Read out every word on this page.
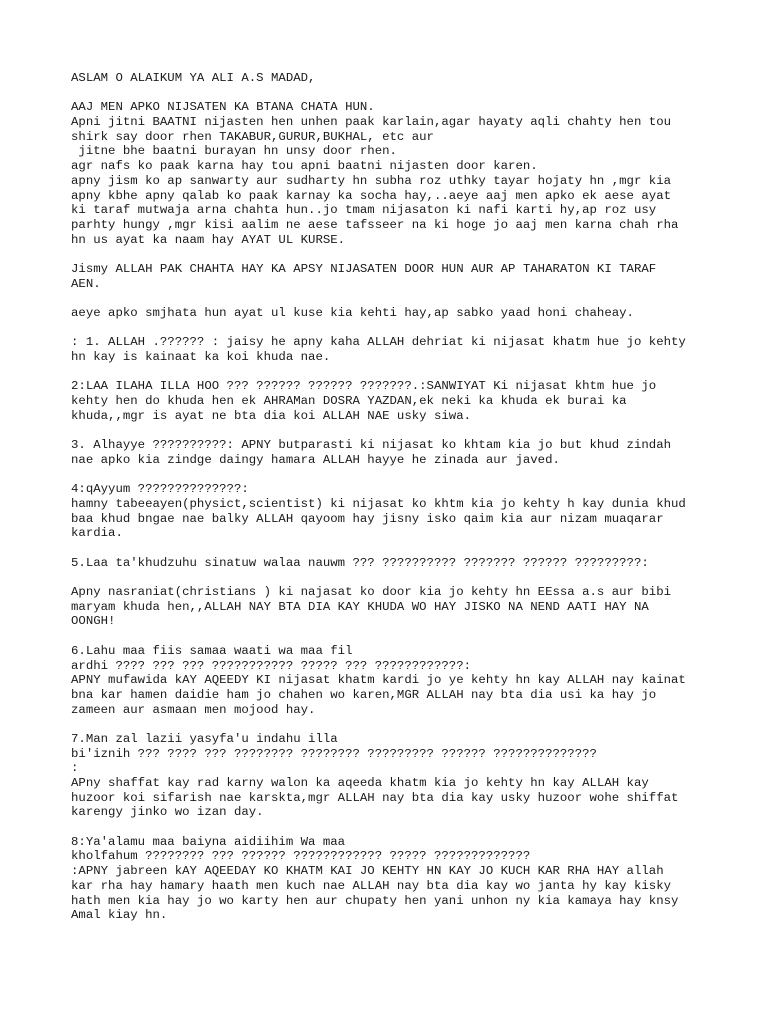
ASLAM O ALAIKUM YA ALI A.S MADAD,
AAJ MEN APKO NIJSATEN KA BTANA CHATA HUN.
Apni jitni BAATNI nijasten hen unhen paak karlain,agar hayaty aqli chahty hen tou
shirk say door rhen TAKABUR,GURUR,BUKHAL, etc aur
jitne bhe baatni burayan hn unsy door rhen.
agr nafs ko paak karna hay tou apni baatni nijasten door karen.
apny jism ko ap sanwarty aur sudharty hn subha roz uthky tayar hojaty hn ,mgr kia
apny kbhe apny qalab ko paak karnay ka socha hay,..aeye aaj men apko ek aese ayat
ki taraf mutwaja arna chahta hun..jo tmam nijasaton ki nafi karti hy,ap roz usy
parhty hungy ,mgr kisi aalim ne aese tafsseer na ki hoge jo aaj men karna chah rha
hn us ayat ka naam hay AYAT UL KURSE.
Jismy ALLAH PAK CHAHTA HAY KA APSY NIJASATEN DOOR HUN AUR AP TAHARATON KI TARAF
AEN.
aeye apko smjhata hun ayat ul kuse kia kehti hay,ap sabko yaad honi chaheay.
: 1. ALLAH .?????? : jaisy he apny kaha ALLAH dehriat ki nijasat khatm hue jo kehty
hn kay is kainaat ka koi khuda nae.
2:LAA ILAHA ILLA HOO ??? ?????? ?????? ???????.:SANWIYAT Ki nijasat khtm hue jo
kehty hen do khuda hen ek AHRAMan DOSRA YAZDAN,ek neki ka khuda ek burai ka
khuda,,mgr is ayat ne bta dia koi ALLAH NAE usky siwa.
3. Alhayye ??????????: APNY butparasti ki nijasat ko khtam kia jo but khud zindah
nae apko kia zindge daingy hamara ALLAH hayye he zinada aur javed.
4:qAyyum ??????????????:
hamny tabeeayen(physict,scientist) ki nijasat ko khtm kia jo kehty h kay dunia khud
baa khud bngae nae balky ALLAH qayoom hay jisny isko qaim kia aur nizam muaqarar
kardia.
5.Laa ta'khudzuhu sinatuw walaa nauwm ??? ?????????? ??????? ?????? ?????????:
Apny nasraniat(christians ) ki najasat ko door kia jo kehty hn EEssa a.s aur bibi
maryam khuda hen,,ALLAH NAY BTA DIA KAY KHUDA WO HAY JISKO NA NEND AATI HAY NA
OONGH!
6.Lahu maa fiis samaa waati wa maa fil
ardhi ???? ??? ??? ??????????? ????? ??? ????????????:
APNY mufawida kAY AQEEDY KI nijasat khatm kardi jo ye kehty hn kay ALLAH nay kainat
bna kar hamen daidie ham jo chahen wo karen,MGR ALLAH nay bta dia usi ka hay jo
zameen aur asmaan men mojood hay.
7.Man zal lazii yasyfa'u indahu illa
bi'iznih ??? ???? ??? ???????? ???????? ????????? ?????? ??????????????
:
APny shaffat kay rad karny walon ka aqeeda khatm kia jo kehty hn kay ALLAH kay
huzoor koi sifarish nae karskta,mgr ALLAH nay bta dia kay usky huzoor wohe shiffat
karengy jinko wo izan day.
8:Ya'alamu maa baiyna aidiihim Wa maa
kholfahum ???????? ??? ?????? ???????????? ????? ?????????????
:APNY jabreen kAY AQEEDAY KO KHATM KAI JO KEHTY HN KAY JO KUCH KAR RHA HAY allah
kar rha hay hamary haath men kuch nae ALLAH nay bta dia kay wo janta hy kay kisky
hath men kia hay jo wo karty hen aur chupaty hen yani unhon ny kia kamaya hay knsy
Amal kiay hn.
